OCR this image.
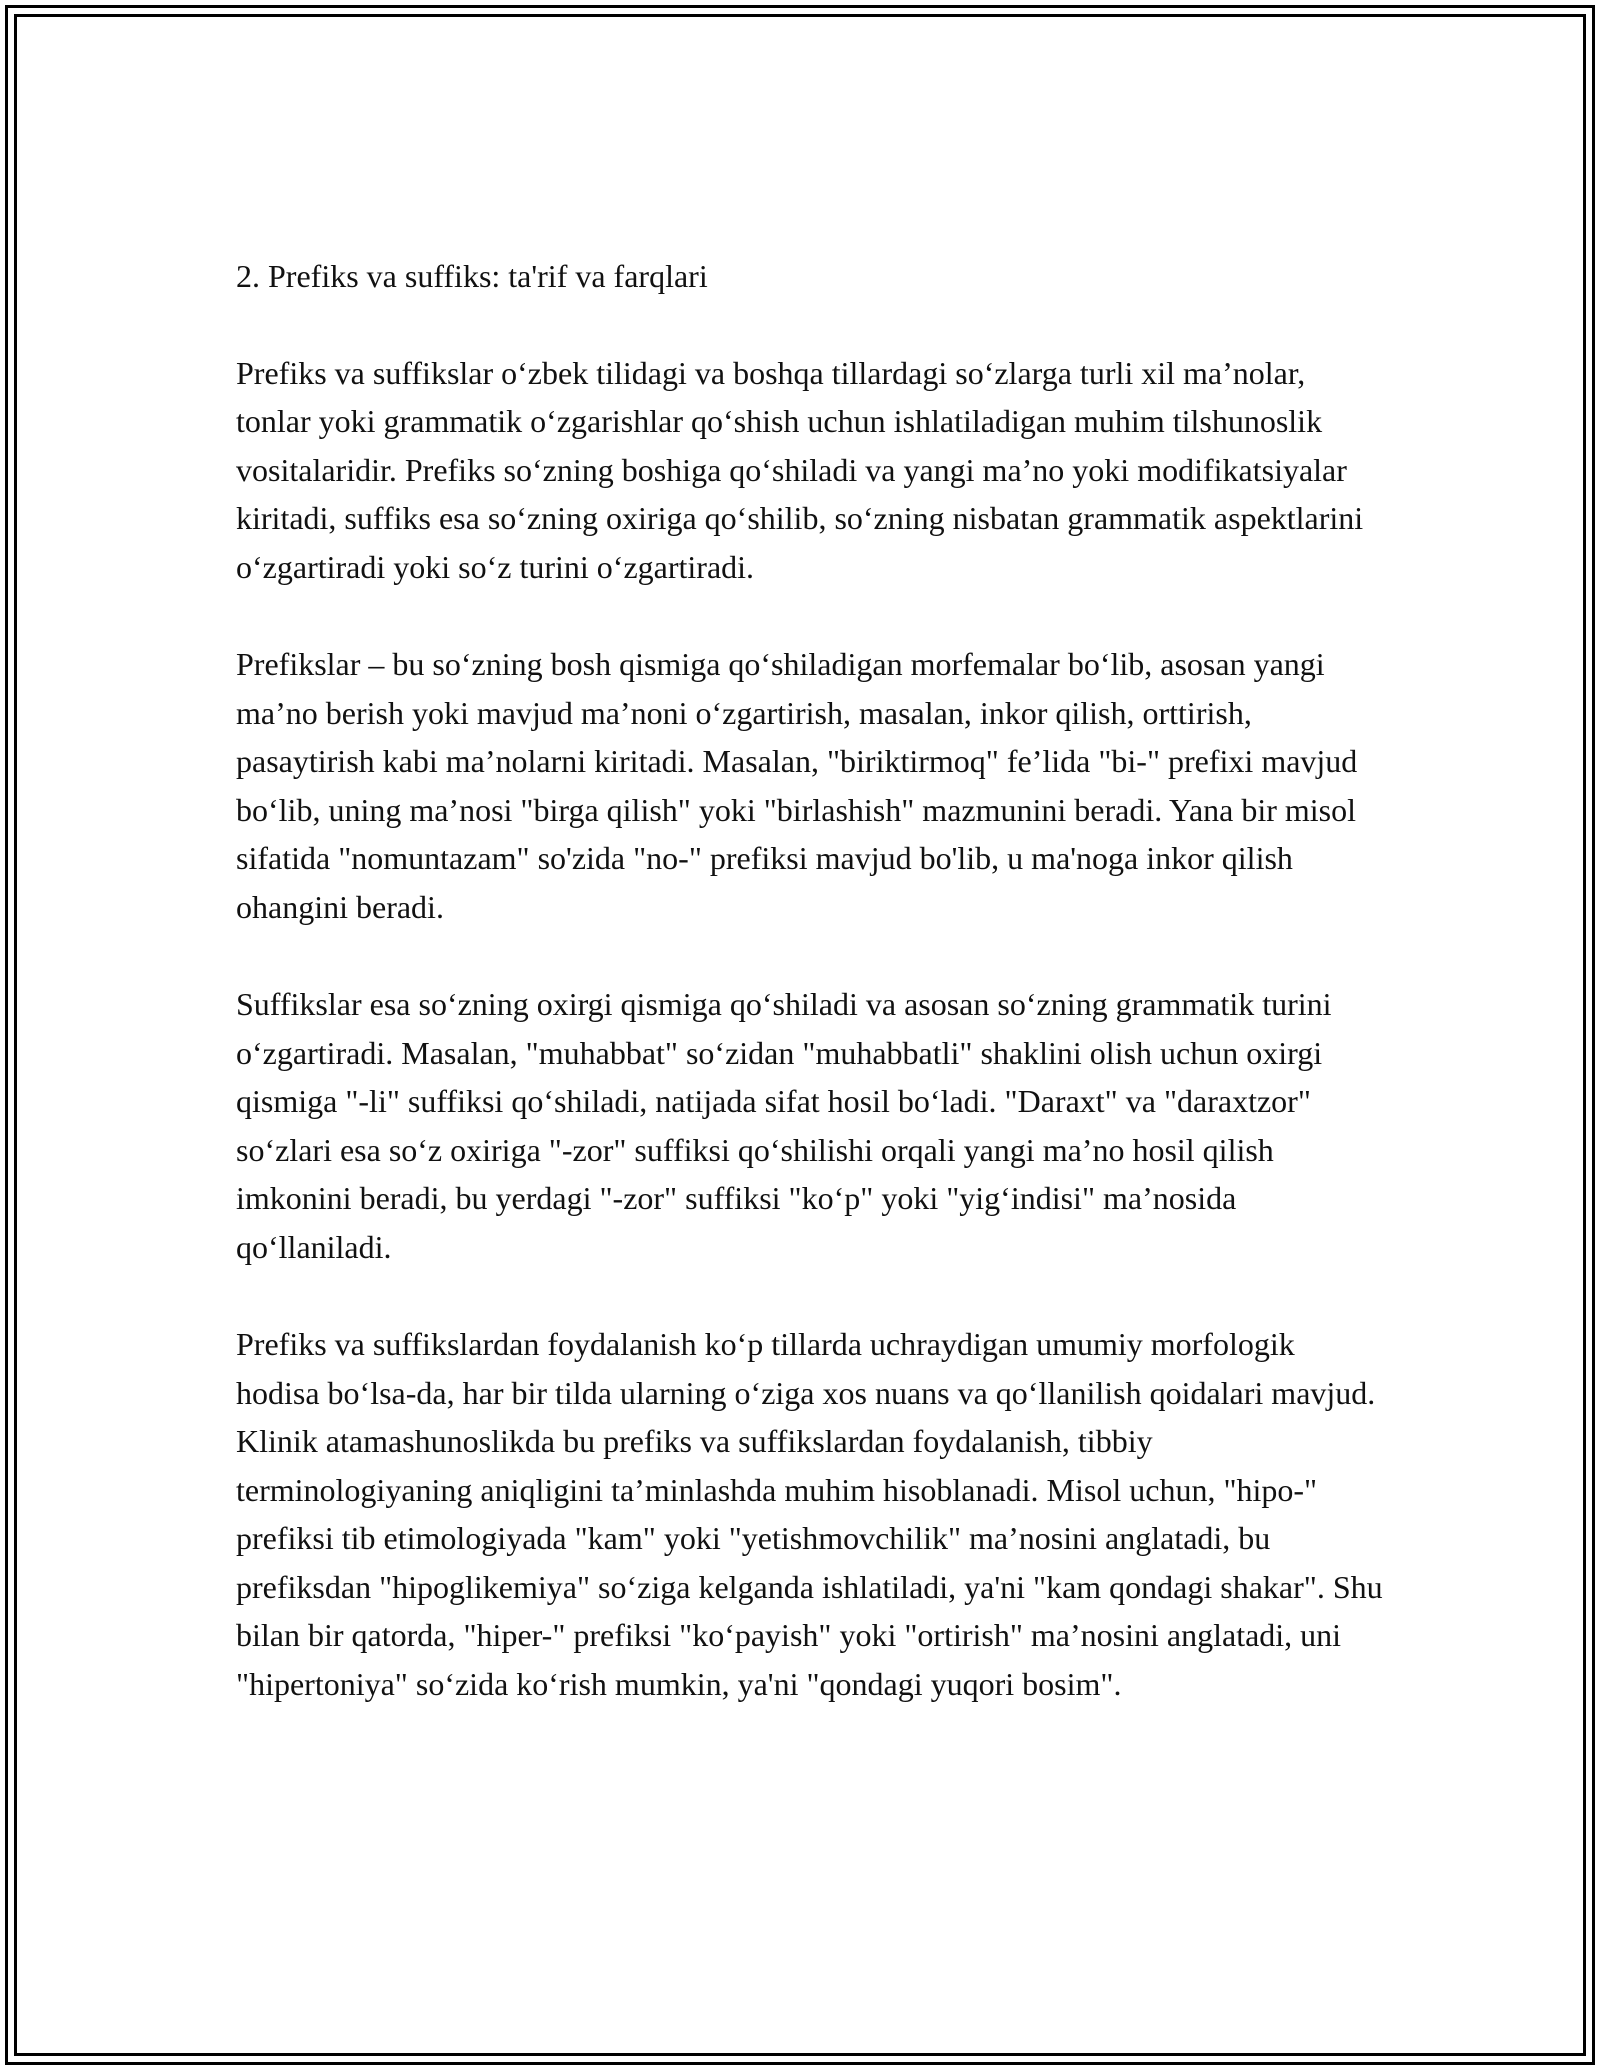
2. Prefiks va suffiks: ta'rif va farqlari

Prefiks va suffikslar o‘zbek tilidagi va boshqa tillardagi so‘zlarga turli xil ma’nolar, tonlar yoki grammatik o‘zgarishlar qo‘shish uchun ishlatiladigan muhim tilshunoslik vositalaridir. Prefiks so‘zning boshiga qo‘shiladi va yangi ma’no yoki modifikatsiyalar kiritadi, suffiks esa so‘zning oxiriga qo‘shilib, so‘zning nisbatan grammatik aspektlarini o‘zgartiradi yoki so‘z turini o‘zgartiradi.

Prefikslar – bu so‘zning bosh qismiga qo‘shiladigan morfemalar bo‘lib, asosan yangi ma’no berish yoki mavjud ma’noni o‘zgartirish, masalan, inkor qilish, orttirish, pasaytirish kabi ma’nolarni kiritadi. Masalan, "biriktirmoq" fe’lida "bi-" prefixi mavjud bo‘lib, uning ma’nosi "birga qilish" yoki "birlashish" mazmunini beradi. Yana bir misol sifatida "nomuntazam" so'zida "no-" prefiksi mavjud bo'lib, u ma'noga inkor qilish ohangini beradi.

Suffikslar esa so‘zning oxirgi qismiga qo‘shiladi va asosan so‘zning grammatik turini o‘zgartiradi. Masalan, "muhabbat" so‘zidan "muhabbatli" shaklini olish uchun oxirgi qismiga "-li" suffiksi qo‘shiladi, natijada sifat hosil bo‘ladi. "Daraxt" va "daraxtzor" so‘zlari esa so‘z oxiriga "-zor" suffiksi qo‘shilishi orqali yangi ma’no hosil qilish imkonini beradi, bu yerdagi "-zor" suffiksi "ko‘p" yoki "yig‘indisi" ma’nosida qo‘llaniladi.

Prefiks va suffikslardan foydalanish ko‘p tillarda uchraydigan umumiy morfologik hodisa bo‘lsa-da, har bir tilda ularning o‘ziga xos nuans va qo‘llanilish qoidalari mavjud. Klinik atamashunoslikda bu prefiks va suffikslardan foydalanish, tibbiy terminologiyaning aniqligini ta’minlashda muhim hisoblanadi. Misol uchun, "hipo-" prefiksi tib etimologiyada "kam" yoki "yetishmovchilik" ma’nosini anglatadi, bu prefiksdan "hipoglikemiya" so‘ziga kelganda ishlatiladi, ya'ni "kam qondagi shakar". Shu bilan bir qatorda, "hiper-" prefiksi "ko‘payish" yoki "ortirish" ma’nosini anglatadi, uni "hipertoniya" so‘zida ko‘rish mumkin, ya'ni "qondagi yuqori bosim".
